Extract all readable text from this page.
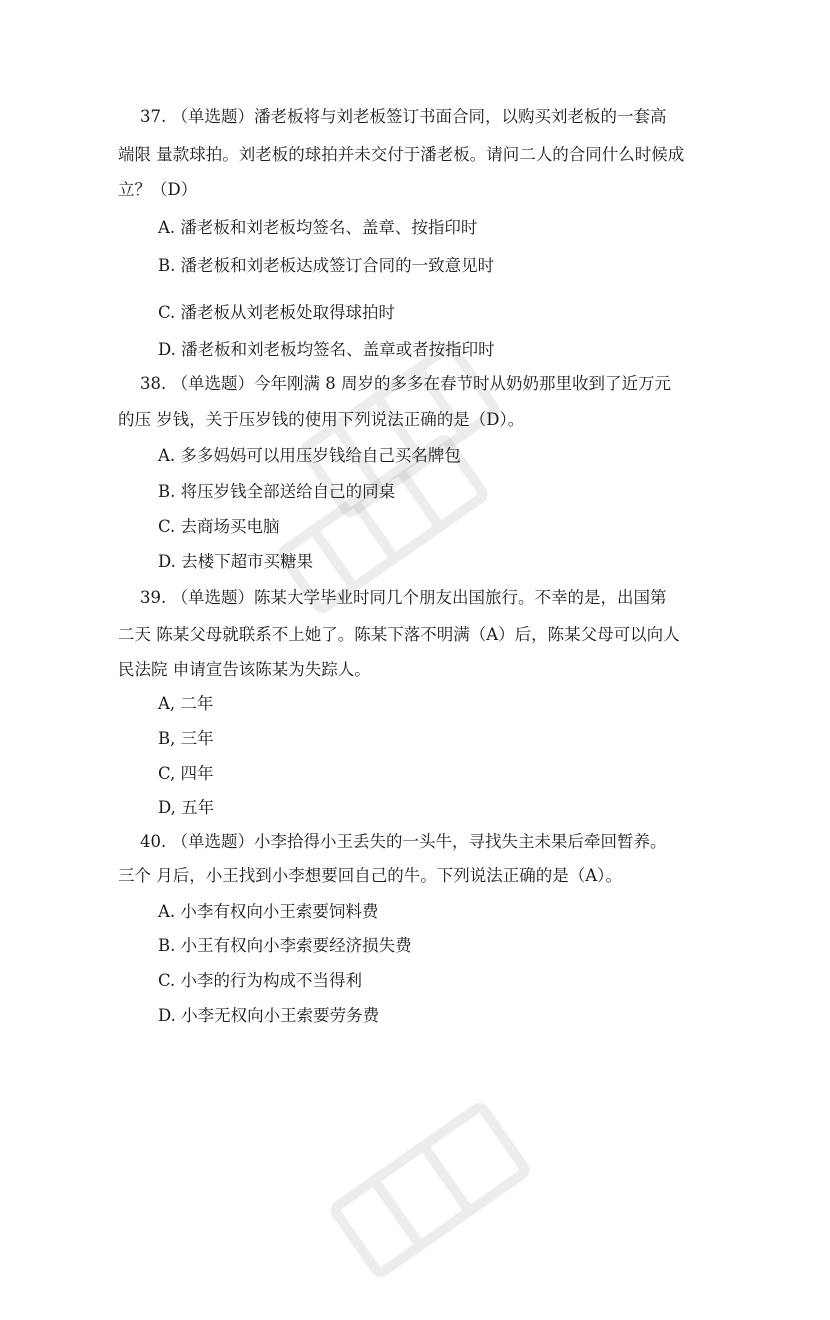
37. （单选题）潘老板将与刘老板签订书面合同，以购买刘老板的一套高
端限 量款球拍。刘老板的球拍并未交付于潘老板。请问二人的合同什么时候成
立？（D）
A. 潘老板和刘老板均签名、盖章、按指印时
B. 潘老板和刘老板达成签订合同的一致意见时
C. 潘老板从刘老板处取得球拍时
D. 潘老板和刘老板均签名、盖章或者按指印时
38. （单选题）今年刚满 8 周岁的多多在春节时从奶奶那里收到了近万元
的压 岁钱，关于压岁钱的使用下列说法正确的是（D）。
A. 多多妈妈可以用压岁钱给自己买名牌包
B. 将压岁钱全部送给自己的同桌
C. 去商场买电脑
D. 去楼下超市买糖果
39. （单选题）陈某大学毕业时同几个朋友出国旅行。不幸的是，出国第
二天 陈某父母就联系不上她了。陈某下落不明满（A）后，陈某父母可以向人
民法院 申请宣告该陈某为失踪人。
A, 二年
B, 三年
C, 四年
D, 五年
40. （单选题）小李拾得小王丢失的一头牛，寻找失主未果后牵回暂养。
三个 月后，小王找到小李想要回自己的牛。下列说法正确的是（A）。
A. 小李有权向小王索要饲料费
B. 小王有权向小李索要经济损失费
C. 小李的行为构成不当得利
D. 小李无权向小王索要劳务费
